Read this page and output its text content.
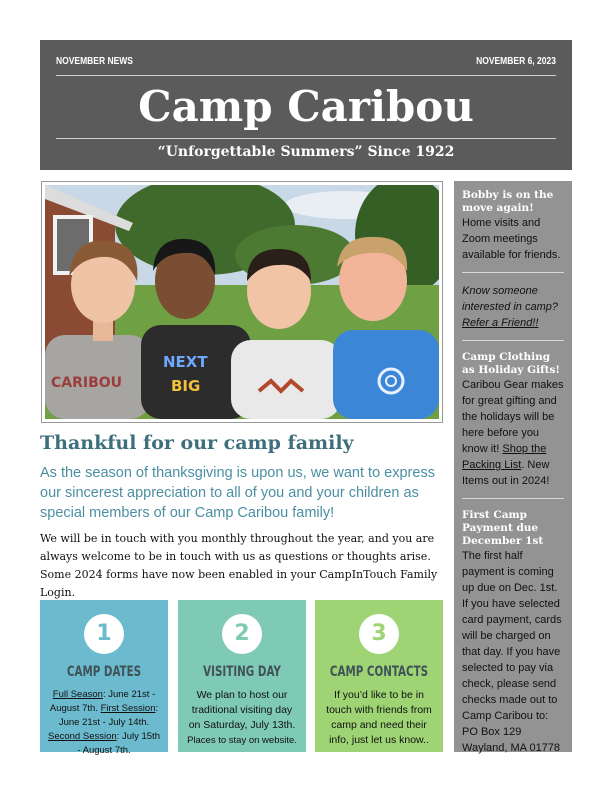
NOVEMBER NEWS	NOVEMBER 6, 2023
Camp Caribou
“Unforgettable Summers” Since 1922
CARIBOU
NEXT
BIG
Thankful for our camp family
As the season of thanksgiving is upon us, we want to express our sincerest appreciation to all of you and your children as special members of our Camp Caribou family!
We will be in touch with you monthly throughout the year, and you are always welcome to be in touch with us as questions or thoughts arise. Some 2024 forms have now been enabled in your CampInTouch Family Login.
1
CAMP DATES
Full Season: June 21st - August 7th. First Session: June 21st - July 14th. Second Session: July 15th - August 7th.
2
VISITING DAY
We plan to host our traditional visiting day on Saturday, July 13th. Places to stay on website.
3
CAMP CONTACTS
If you’d like to be in touch with friends from camp and need their info, just let us know..
Bobby is on the move again!
Home visits and Zoom meetings available for friends.
Know someone interested in camp? Refer a Friend!!
Camp Clothing as Holiday Gifts!
Caribou Gear makes for great gifting and the holidays will be here before you know it! Shop the Packing List. New Items out in 2024!
First Camp Payment due December 1st
The first half payment is coming up due on Dec. 1st. If you have selected card payment, cards will be charged on that day. If you have selected to pay via check, please send checks made out to Camp Caribou to:
PO Box 129
Wayland, MA 01778
